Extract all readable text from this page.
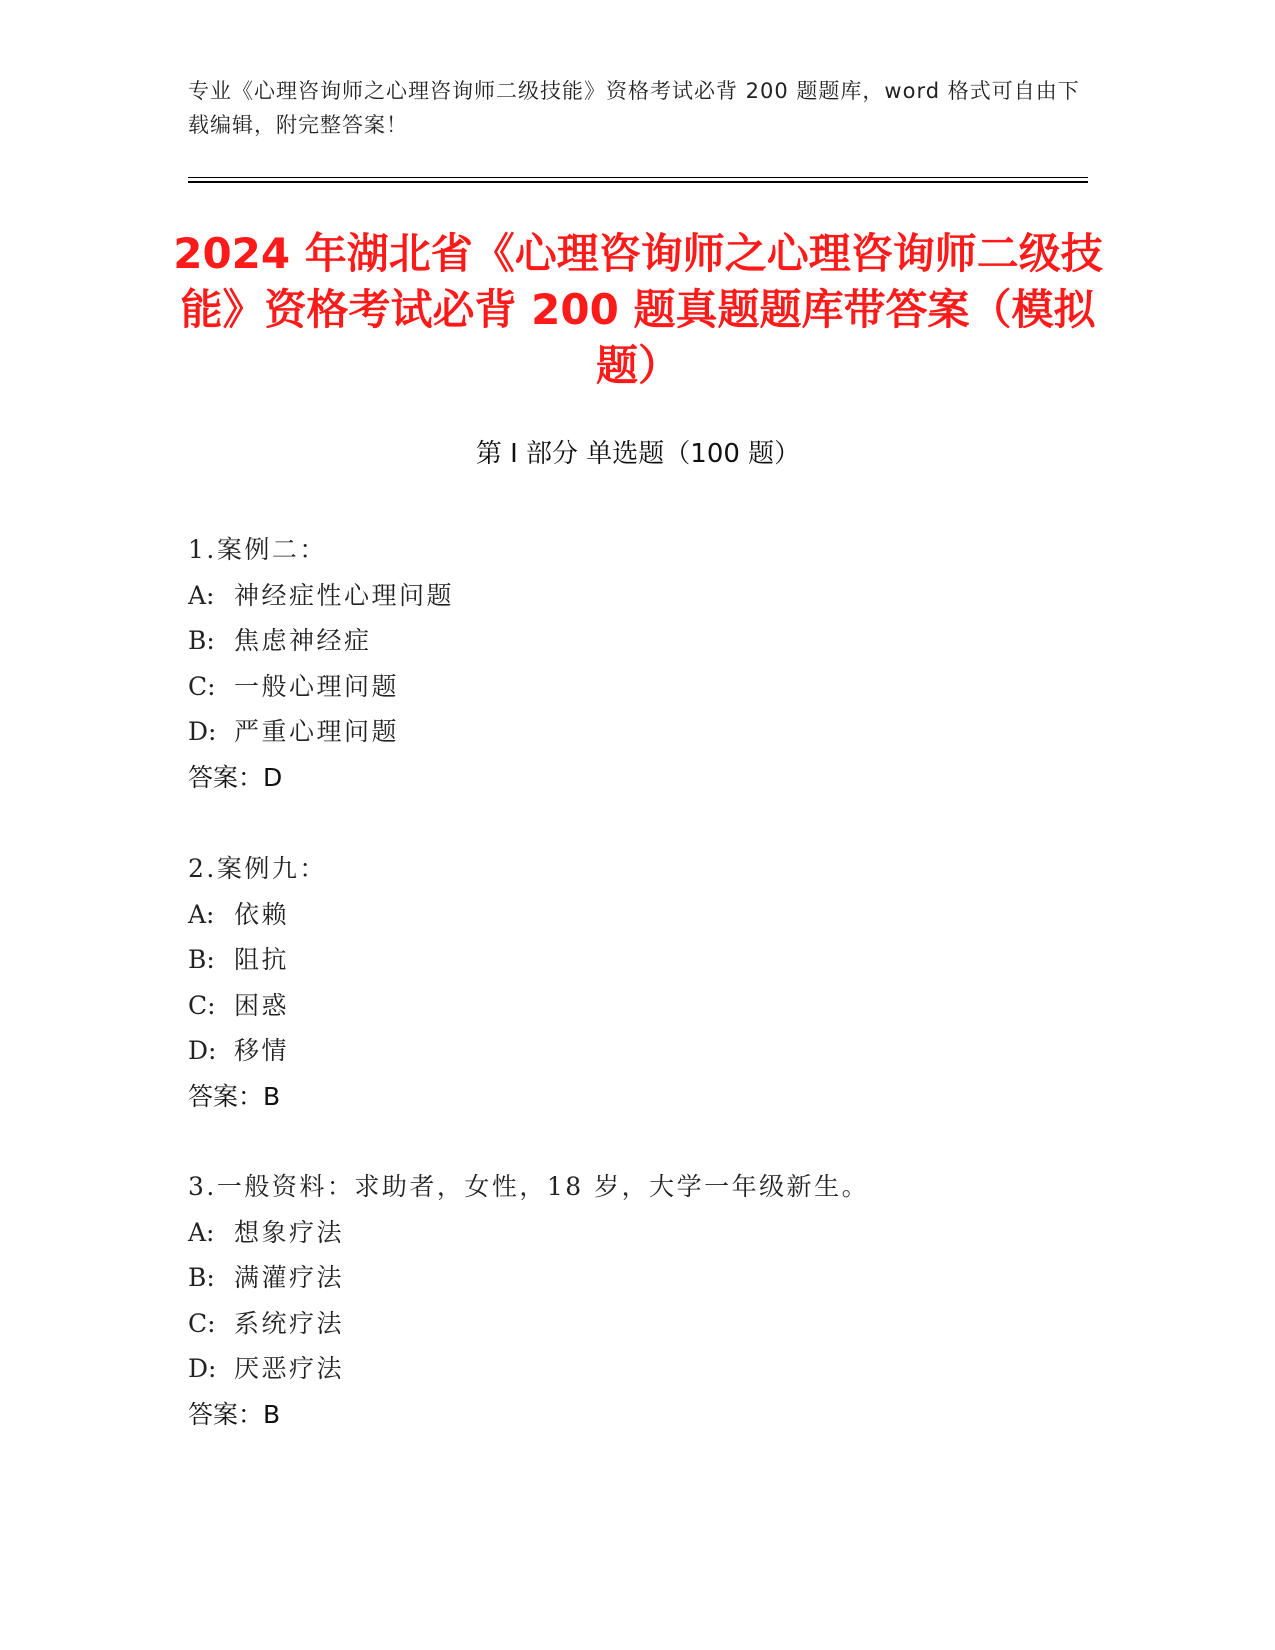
专业《心理咨询师之心理咨询师二级技能》资格考试必背 200 题题库，word 格式可自由下载编辑，附完整答案！
2024 年湖北省《心理咨询师之心理咨询师二级技能》资格考试必背 200 题真题题库带答案（模拟题）
第 I 部分 单选题（100 题）
1.案例二：
A: 神经症性心理问题
B: 焦虑神经症
C: 一般心理问题
D: 严重心理问题
答案：D
2.案例九：
A: 依赖
B: 阻抗
C: 困惑
D: 移情
答案：B
3.一般资料：求助者，女性，18 岁，大学一年级新生。
A: 想象疗法
B: 满灌疗法
C: 系统疗法
D: 厌恶疗法
答案：B
